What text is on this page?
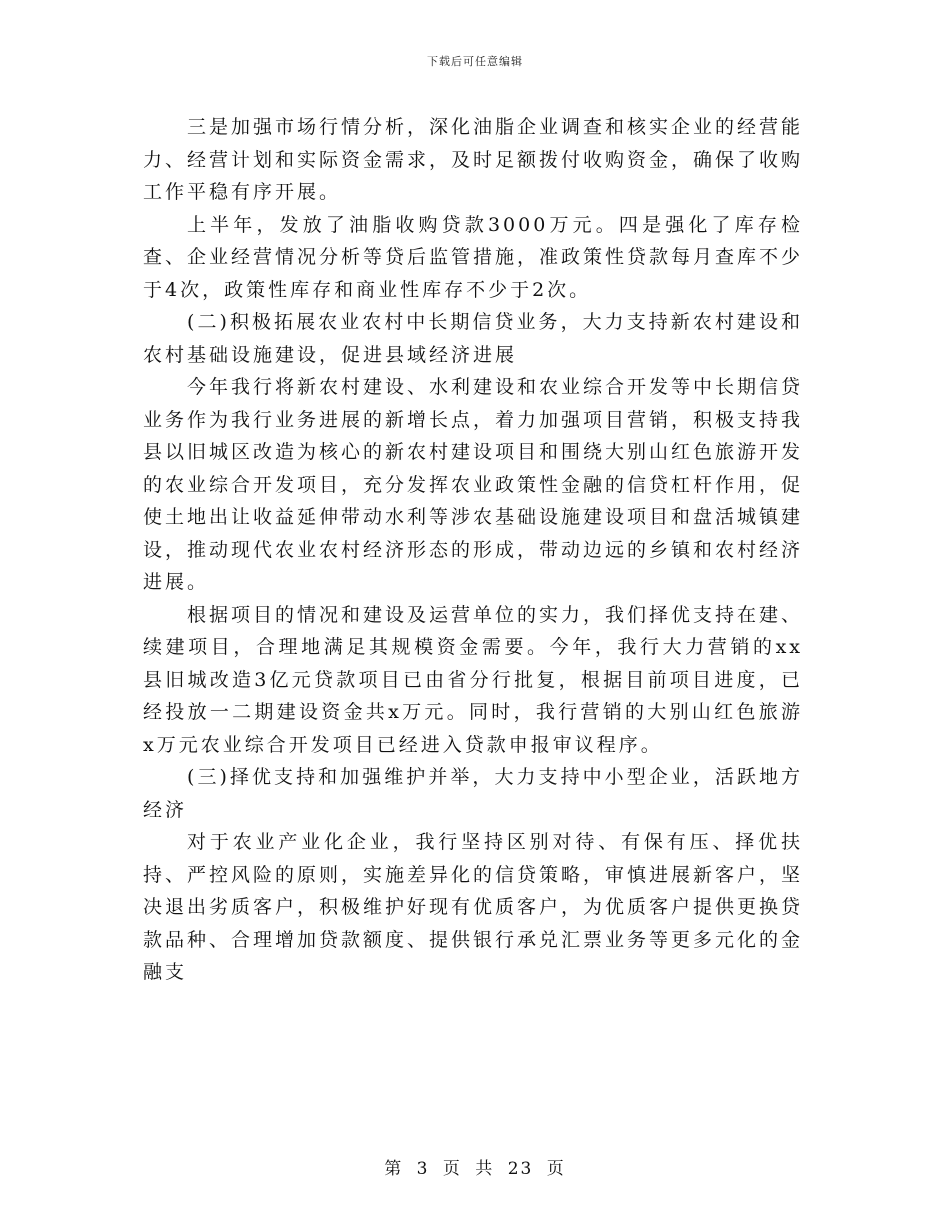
下载后可任意编辑

三是加强市场行情分析，深化油脂企业调查和核实企业的经营能力、经营计划和实际资金需求，及时足额拨付收购资金，确保了收购工作平稳有序开展。

上半年，发放了油脂收购贷款3000万元。四是强化了库存检查、企业经营情况分析等贷后监管措施，准政策性贷款每月查库不少于4次，政策性库存和商业性库存不少于2次。

(二)积极拓展农业农村中长期信贷业务，大力支持新农村建设和农村基础设施建设，促进县域经济进展

今年我行将新农村建设、水利建设和农业综合开发等中长期信贷业务作为我行业务进展的新增长点，着力加强项目营销，积极支持我县以旧城区改造为核心的新农村建设项目和围绕大别山红色旅游开发的农业综合开发项目，充分发挥农业政策性金融的信贷杠杆作用，促使土地出让收益延伸带动水利等涉农基础设施建设项目和盘活城镇建设，推动现代农业农村经济形态的形成，带动边远的乡镇和农村经济进展。

根据项目的情况和建设及运营单位的实力，我们择优支持在建、续建项目，合理地满足其规模资金需要。今年，我行大力营销的xx县旧城改造3亿元贷款项目已由省分行批复，根据目前项目进度，已经投放一二期建设资金共x万元。同时，我行营销的大别山红色旅游x万元农业综合开发项目已经进入贷款申报审议程序。

(三)择优支持和加强维护并举，大力支持中小型企业，活跃地方经济

对于农业产业化企业，我行坚持区别对待、有保有压、择优扶持、严控风险的原则，实施差异化的信贷策略，审慎进展新客户，坚决退出劣质客户，积极维护好现有优质客户，为优质客户提供更换贷款品种、合理增加贷款额度、提供银行承兑汇票业务等更多元化的金融支

第 3 页 共 23 页
